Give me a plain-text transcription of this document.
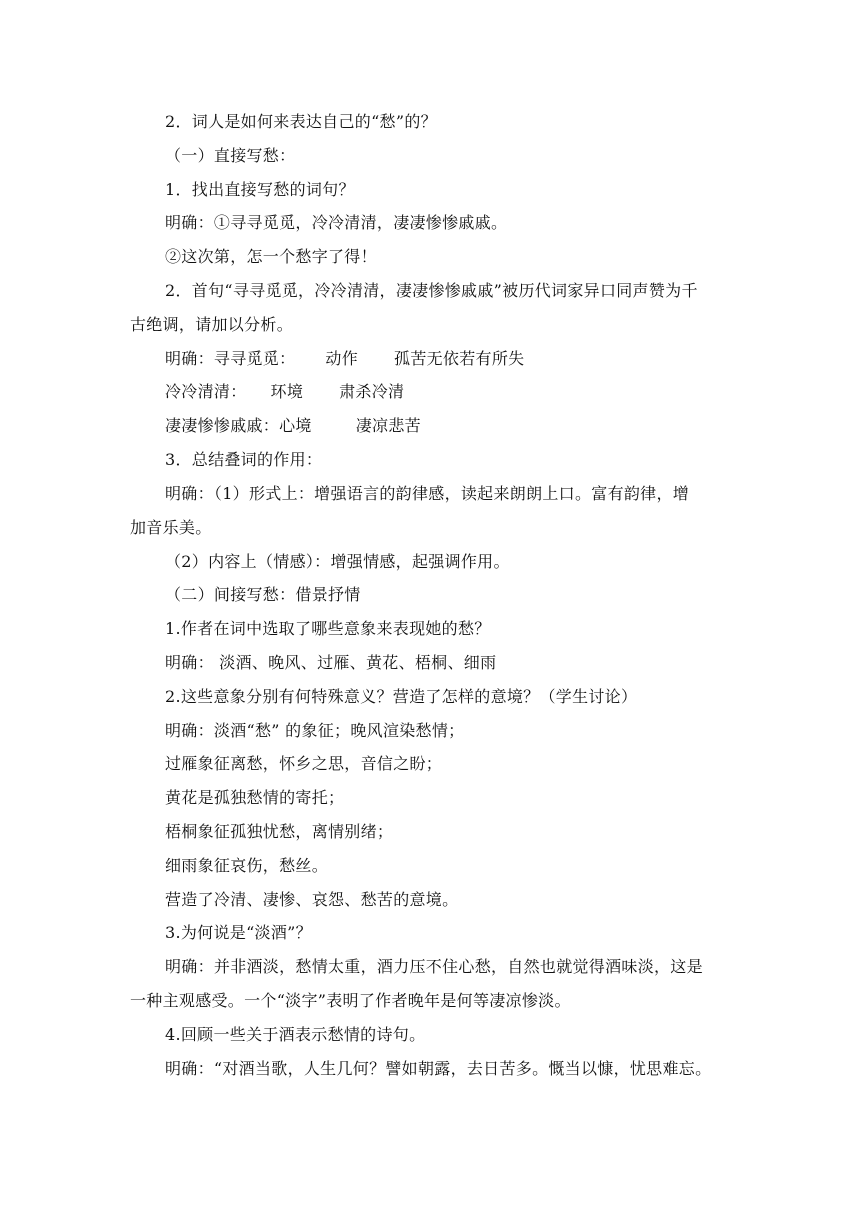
2．词人是如何来表达自己的“愁”的？
（一）直接写愁：
1．找出直接写愁的词句？
明确：①寻寻觅觅，冷冷清清，凄凄惨惨戚戚。
②这次第，怎一个愁字了得！
2．首句“寻寻觅觅，冷冷清清，凄凄惨惨戚戚”被历代词家异口同声赞为千
古绝调，请加以分析。
明确：寻寻觅觅： 动作 孤苦无依若有所失
冷冷清清： 环境 肃杀冷清
凄凄惨惨戚戚：心境	凄凉悲苦
3．总结叠词的作用：
明确：（1）形式上：增强语言的韵律感，读起来朗朗上口。富有韵律，增
加音乐美。
（2）内容上（情感）：增强情感，起强调作用。
（二）间接写愁：借景抒情
1.作者在词中选取了哪些意象来表现她的愁？
明确： 淡酒、晚风、过雁、黄花、梧桐、细雨
2.这些意象分别有何特殊意义？营造了怎样的意境？（学生讨论）
明确：淡酒“愁” 的象征；晚风渲染愁情；
过雁象征离愁，怀乡之思，音信之盼；
黄花是孤独愁情的寄托；
梧桐象征孤独忧愁，离情别绪；
细雨象征哀伤，愁丝。
营造了冷清、凄惨、哀怨、愁苦的意境。
3.为何说是“淡酒”？
明确：并非酒淡，愁情太重，酒力压不住心愁，自然也就觉得酒味淡，这是
一种主观感受。一个“淡字”表明了作者晚年是何等凄凉惨淡。
4.回顾一些关于酒表示愁情的诗句。
明确：“对酒当歌，人生几何？譬如朝露，去日苦多。慨当以慷，忧思难忘。
